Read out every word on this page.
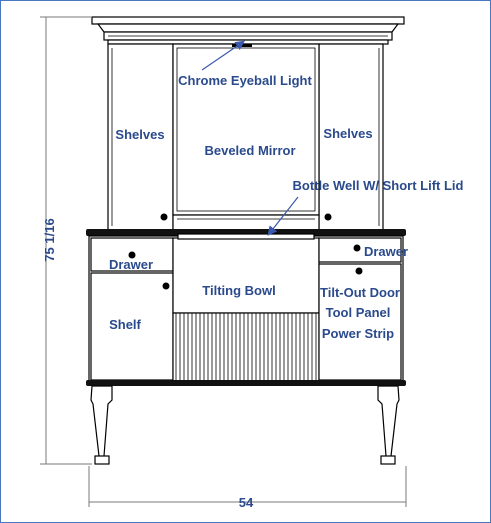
75 1/16
54
Chrome Eyeball Light
Shelves	Shelves
Beveled Mirror
Bottle Well W/ Short Lift Lid
Drawer
Drawer
Tilting Bowl
Shelf
Tilt-Out Door
Tool Panel
Power Strip
